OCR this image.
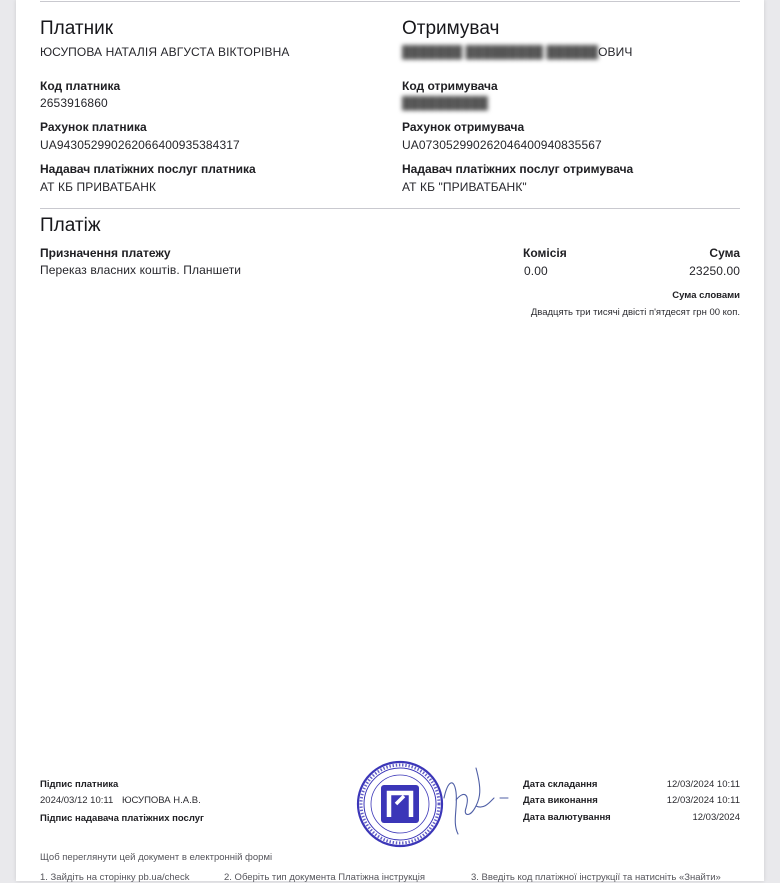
Платник
ЮСУПОВА НАТАЛІЯ АВГУСТА ВІКТОРІВНА
Код платника
2653916860
Рахунок платника
UA943052990262066400935384317
Надавач платіжних послуг платника
АТ КБ ПРИВАТБАНК
Отримувач
███████ █████████ ██████ОВИЧ
Код отримувача
██████████
Рахунок отримувача
UA073052990262046400940835567
Надавач платіжних послуг отримувача
АТ КБ "ПРИВАТБАНК"
Платіж
Призначення платежу
Переказ власних коштів. Планшети
Комісія
0.00
Сума
23250.00
Сума словами
Двадцять три тисячі двісті п'ятдесят грн 00 коп.
Підпис платника
2024/03/12 10:11 ЮСУПОВА Н.А.В.
Підпис надавача платіжних послуг
Дата складання	12/03/2024 10:11
Дата виконання	12/03/2024 10:11
Дата валютування	12/03/2024
Щоб переглянути цей документ в електронній формі
1. Зайдіть на сторінку pb.ua/check	2. Оберіть тип документа Платіжна інструкція	3. Введіть код платіжної інструкції та натисніть «Знайти»
